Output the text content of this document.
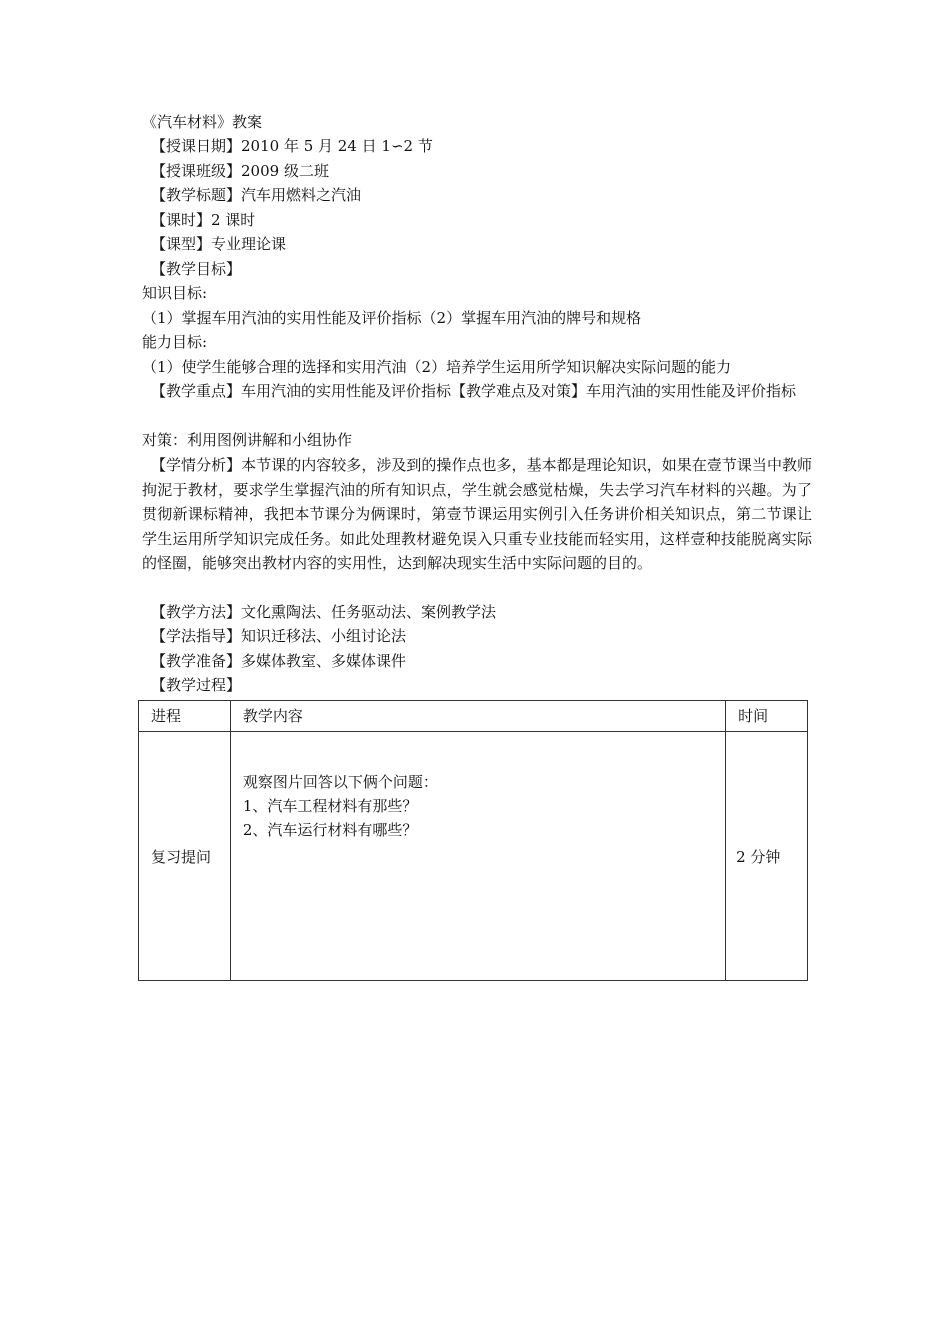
《汽车材料》教案
【授课日期】2010 年 5 月 24 日 1∽2 节
【授课班级】2009 级二班
【教学标题】汽车用燃料之汽油
【课时】2 课时
【课型】专业理论课
【教学目标】
知识目标:
（1）掌握车用汽油的实用性能及评价指标（2）掌握车用汽油的牌号和规格
能力目标:
（1）使学生能够合理的选择和实用汽油（2）培养学生运用所学知识解决实际问题的能力
【教学重点】车用汽油的实用性能及评价指标【教学难点及对策】车用汽油的实用性能及评价指标
对策：利用图例讲解和小组协作
【学情分析】本节课的内容较多，涉及到的操作点也多，基本都是理论知识，如果在壹节课当中教师拘泥于教材，要求学生掌握汽油的所有知识点，学生就会感觉枯燥，失去学习汽车材料的兴趣。为了贯彻新课标精神，我把本节课分为俩课时，第壹节课运用实例引入任务讲价相关知识点，第二节课让学生运用所学知识完成任务。如此处理教材避免误入只重专业技能而轻实用，这样壹种技能脱离实际的怪圈，能够突出教材内容的实用性，达到解决现实生活中实际问题的目的。
【教学方法】文化熏陶法、任务驱动法、案例教学法
【学法指导】知识迁移法、小组讨论法
【教学准备】多媒体教室、多媒体课件
【教学过程】
进程	教学内容	时间
复习提问	观察图片回答以下俩个问题：
1、汽车工程材料有那些？
2、汽车运行材料有哪些？	2 分钟
